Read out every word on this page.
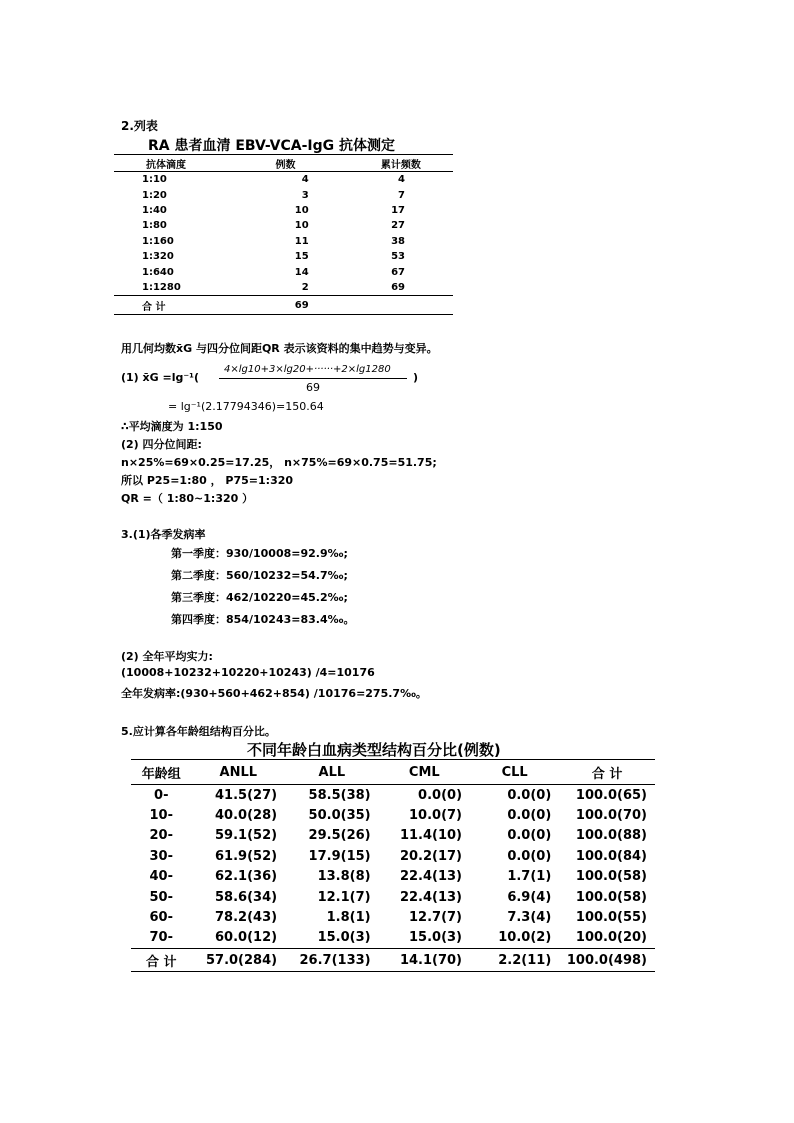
2.列表
RA 患者血清 EBV-VCA-IgG 抗体测定
抗体滴度	例数	累计频数
1:10	4	4
1:20	3	7
1:40	10	17
1:80	10	27
1:160	11	38
1:320	15	53
1:640	14	67
1:1280	2	69
合 计	69	
用几何均数x̄G 与四分位间距QR 表示该资料的集中趋势与变异。
(1) x̄G =lg⁻¹(
4×lg10+3×lg20+······+2×lg1280
69
)
= lg⁻¹(2.17794346)=150.64
∴平均滴度为 1:150
(2) 四分位间距:
n×25%=69×0.25=17.25， n×75%=69×0.75=51.75;
所以 P25=1:80 ， P75=1:320
QR =（ 1:80~1:320 ）
3.(1)各季发病率
第一季度：930/10008=92.9‰;
第二季度：560/10232=54.7‰;
第三季度：462/10220=45.2‰;
第四季度：854/10243=83.4‰。
(2) 全年平均实力:
(10008+10232+10220+10243) /4=10176
全年发病率:(930+560+462+854) /10176=275.7‰。
5.应计算各年龄组结构百分比。
不同年龄白血病类型结构百分比(例数)
年龄组	ANLL	ALL	CML	CLL	合 计
0-	41.5(27)	58.5(38)	0.0(0)	0.0(0)	100.0(65)
10-	40.0(28)	50.0(35)	10.0(7)	0.0(0)	100.0(70)
20-	59.1(52)	29.5(26)	11.4(10)	0.0(0)	100.0(88)
30-	61.9(52)	17.9(15)	20.2(17)	0.0(0)	100.0(84)
40-	62.1(36)	13.8(8)	22.4(13)	1.7(1)	100.0(58)
50-	58.6(34)	12.1(7)	22.4(13)	6.9(4)	100.0(58)
60-	78.2(43)	1.8(1)	12.7(7)	7.3(4)	100.0(55)
70-	60.0(12)	15.0(3)	15.0(3)	10.0(2)	100.0(20)
合 计	57.0(284)	26.7(133)	14.1(70)	2.2(11)	100.0(498)
